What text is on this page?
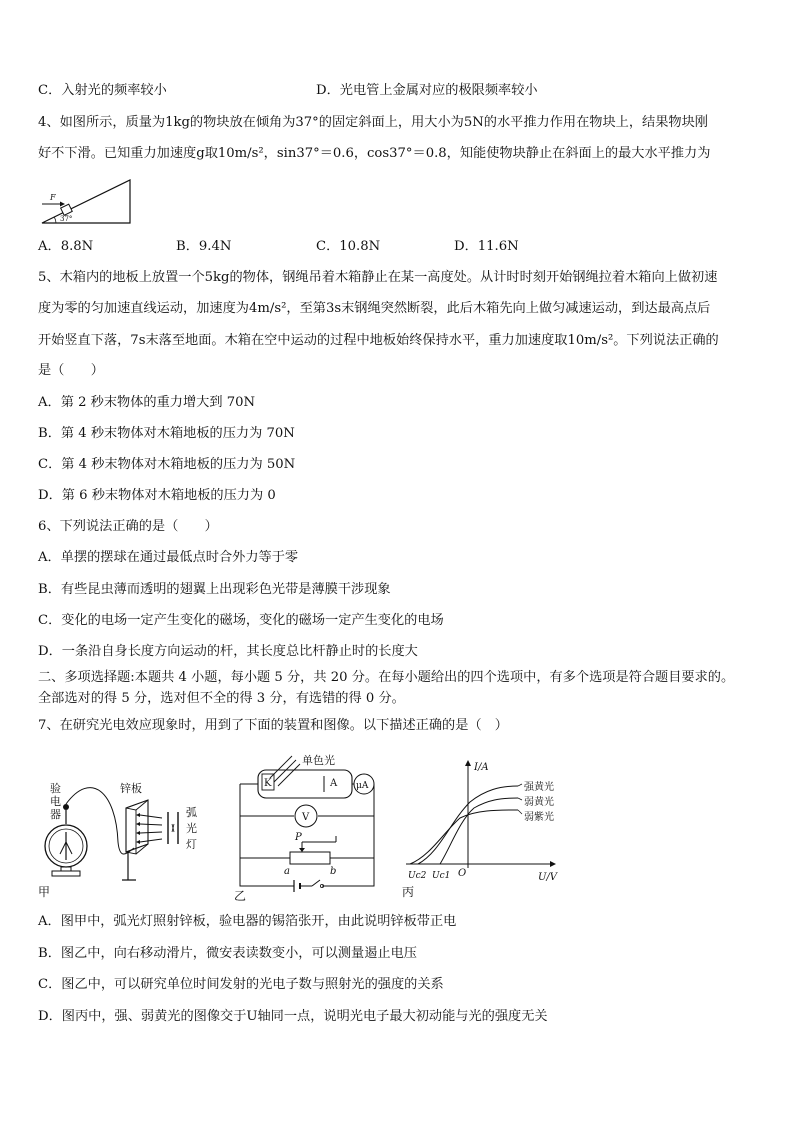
C．入射光的频率较小	D．光电管上金属对应的极限频率较小
4、如图所示，质量为1kg的物块放在倾角为37°的固定斜面上，用大小为5N的水平推力作用在物块上，结果物块刚
好不下滑。已知重力加速度g取10m/s²，sin37°＝0.6，cos37°＝0.8，知能使物块静止在斜面上的最大水平推力为
F
37°
A．8.8N	B．9.4N	C．10.8N	D．11.6N
5、木箱内的地板上放置一个5kg的物体，钢绳吊着木箱静止在某一高度处。从计时时刻开始钢绳拉着木箱向上做初速
度为零的匀加速直线运动，加速度为4m/s²，至第3s末钢绳突然断裂，此后木箱先向上做匀减速运动，到达最高点后
开始竖直下落，7s末落至地面。木箱在空中运动的过程中地板始终保持水平，重力加速度取10m/s²。下列说法正确的
是（　　）
A．第 2 秒末物体的重力增大到 70N
B．第 4 秒末物体对木箱地板的压力为 70N
C．第 4 秒末物体对木箱地板的压力为 50N
D．第 6 秒末物体对木箱地板的压力为 0
6、下列说法正确的是（　　）
A．单摆的摆球在通过最低点时合外力等于零
B．有些昆虫薄而透明的翅翼上出现彩色光带是薄膜干涉现象
C．变化的电场一定产生变化的磁场，变化的磁场一定产生变化的电场
D．一条沿自身长度方向运动的杆，其长度总比杆静止时的长度大
二、多项选择题:本题共 4 小题，每小题 5 分，共 20 分。在每小题给出的四个选项中，有多个选项是符合题目要求的。
全部选对的得 5 分，选对但不全的得 3 分，有选错的得 0 分。
7、在研究光电效应现象时，用到了下面的装置和图像。以下描述正确的是（　）
验
电
器
锌板
弧
光
灯
甲
单色光
K	A μA
V
P
a	b
乙
I/A
U/V
O
Uc2 Uc1
强黄光
弱黄光
弱紫光
丙
A．图甲中，弧光灯照射锌板，验电器的锡箔张开，由此说明锌板带正电
B．图乙中，向右移动滑片，微安表读数变小，可以测量遏止电压
C．图乙中，可以研究单位时间发射的光电子数与照射光的强度的关系
D．图丙中，强、弱黄光的图像交于U轴同一点，说明光电子最大初动能与光的强度无关
